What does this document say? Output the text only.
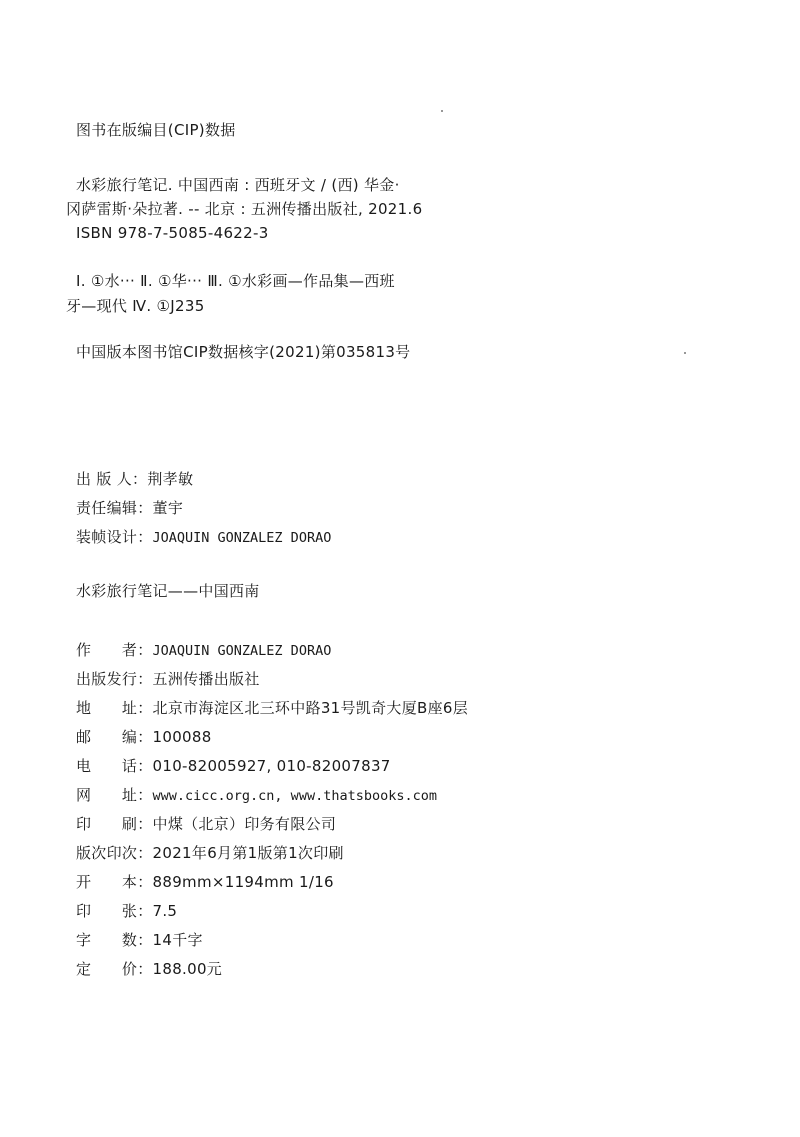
图书在版编目(CIP)数据
水彩旅行笔记. 中国西南 : 西班牙文 / (西) 华金·
冈萨雷斯·朵拉著. -- 北京 : 五洲传播出版社, 2021.6
ISBN 978-7-5085-4622-3
Ⅰ. ①水··· Ⅱ. ①华··· Ⅲ. ①水彩画—作品集—西班
牙—现代 Ⅳ. ①J235
中国版本图书馆CIP数据核字(2021)第035813号
出 版 人：荆孝敏
责任编辑：董宇
装帧设计：JOAQUIN GONZALEZ DORAO
水彩旅行笔记——中国西南
作　　者：JOAQUIN GONZALEZ DORAO
出版发行：五洲传播出版社
地　　址：北京市海淀区北三环中路31号凯奇大厦B座6层
邮　　编：100088
电　　话：010-82005927, 010-82007837
网　　址：www.cicc.org.cn, www.thatsbooks.com
印　　刷：中煤（北京）印务有限公司
版次印次：2021年6月第1版第1次印刷
开　　本：889mm×1194mm 1/16
印　　张：7.5
字　　数：14千字
定　　价：188.00元
